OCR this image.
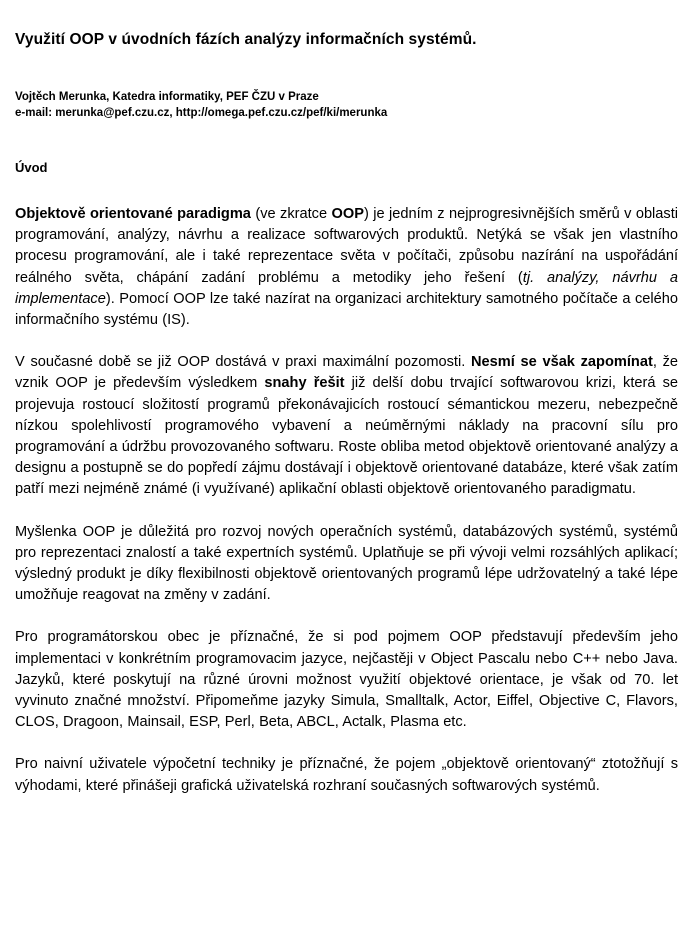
Využití OOP v úvodních fázích analýzy informačních systémů.
Vojtěch Merunka, Katedra informatiky, PEF ČZU v Praze
e-mail: merunka@pef.czu.cz, http://omega.pef.czu.cz/pef/ki/merunka
Úvod

Objektově orientované paradigma (ve zkratce OOP) je jedním z nejprogresivnějších směrů v oblasti programování, analýzy, návrhu a realizace softwarových produktů. Netýká se však jen vlastního procesu programování, ale i také reprezentace světa v počítači, způsobu nazírání na uspořádání reálného světa, chápání zadání problému a metodiky jeho řešení (tj. analýzy, návrhu a implementace). Pomocí OOP lze také nazírat na organizaci architektury samotného počítače a celého informačního systému (IS).

V současné době se již OOP dostává v praxi maximální pozomosti. Nesmí se však zapomínat, že vznik OOP je především výsledkem snahy řešit již delší dobu trvající softwarovou krizi, která se projevuja rostoucí složitostí programů překonávajicích rostoucí sémantickou mezeru, nebezpečně nízkou spolehlivostí programového vybavení a neúměrnými náklady na pracovní sílu pro programování a údržbu provozovaného softwaru. Roste obliba metod objektově orientované analýzy a designu a postupně se do popředí zájmu dostávají i objektově orientované databáze, které však zatím patří mezi nejméně známé (i využívané) aplikační oblasti objektově orientovaného paradigmatu.

Myšlenka OOP je důležitá pro rozvoj nových operačních systémů, databázových systémů, systémů pro reprezentaci znalostí a také expertních systémů. Uplatňuje se při vývoji velmi rozsáhlých aplikací; výsledný produkt je díky flexibilnosti objektově orientovaných programů lépe udržovatelný a také lépe umožňuje reagovat na změny v zadání.

Pro programátorskou obec je příznačné, že si pod pojmem OOP představují především jeho implementaci v konkrétním programovacim jazyce, nejčastěji v Object Pascalu nebo C++ nebo Java. Jazyků, které poskytují na různé úrovni možnost využití objektové orientace, je však od 70. let vyvinuto značné množství. Připomeňme jazyky Simula, Smalltalk, Actor, Eiffel, Objective C, Flavors, CLOS, Dragoon, Mainsail, ESP, Perl, Beta, ABCL, Actalk, Plasma etc.

Pro naivní uživatele výpočetní techniky je příznačné, že pojem „objektově orientovaný“ ztotožňují s výhodami, které přinášeji grafická uživatelská rozhraní současných softwarových systémů.
